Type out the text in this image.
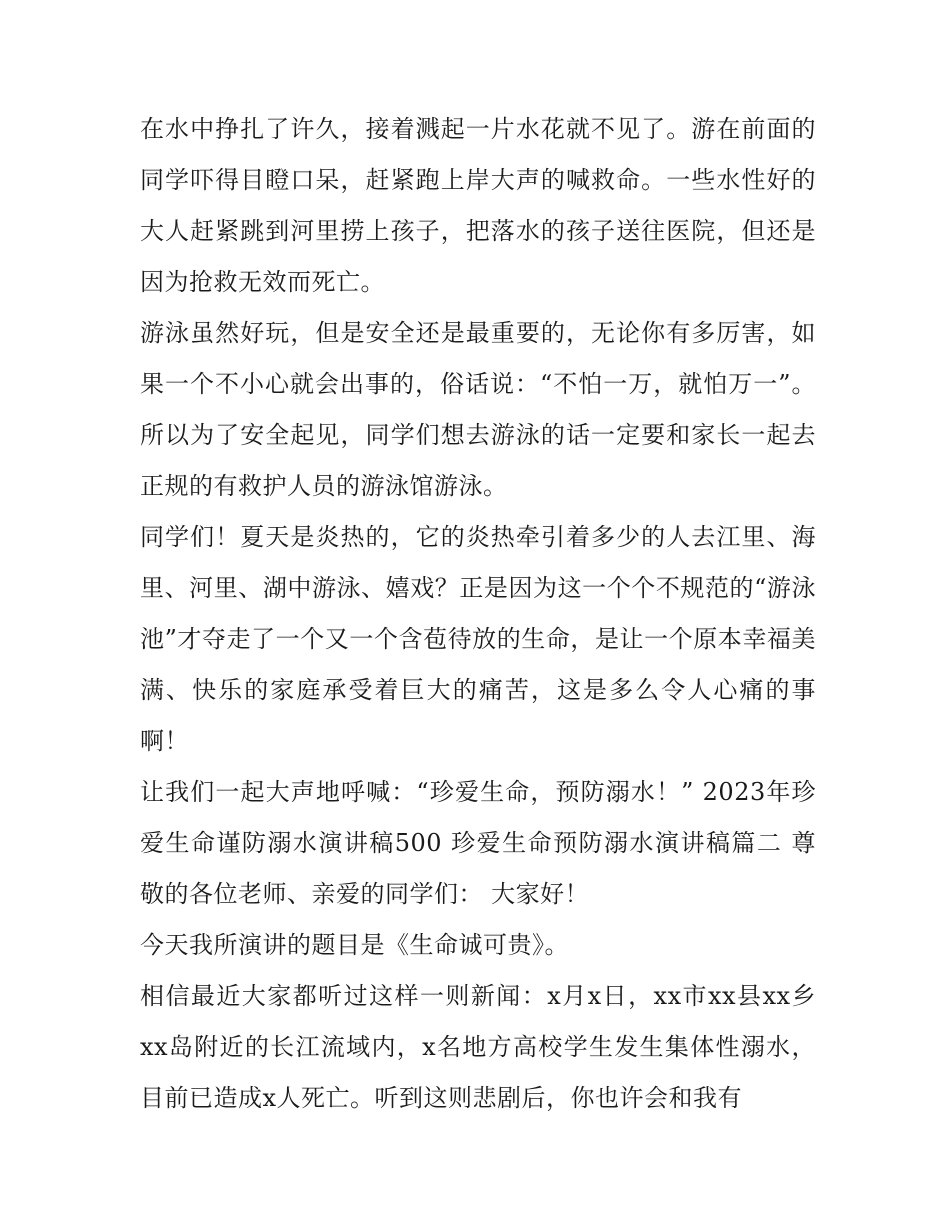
在水中挣扎了许久，接着溅起一片水花就不见了。游在前面的同学吓得目瞪口呆，赶紧跑上岸大声的喊救命。一些水性好的大人赶紧跳到河里捞上孩子，把落水的孩子送往医院，但还是因为抢救无效而死亡。

游泳虽然好玩，但是安全还是最重要的，无论你有多厉害，如果一个不小心就会出事的，俗话说：“不怕一万，就怕万一”。所以为了安全起见，同学们想去游泳的话一定要和家长一起去正规的有救护人员的游泳馆游泳。

同学们！夏天是炎热的，它的炎热牵引着多少的人去江里、海里、河里、湖中游泳、嬉戏？正是因为这一个个不规范的“游泳池”才夺走了一个又一个含苞待放的生命，是让一个原本幸福美满、快乐的家庭承受着巨大的痛苦，这是多么令人心痛的事啊！

让我们一起大声地呼喊：“珍爱生命，预防溺水！” 2023年珍爱生命谨防溺水演讲稿500 珍爱生命预防溺水演讲稿篇二 尊敬的各位老师、亲爱的同学们： 大家好！

今天我所演讲的题目是《生命诚可贵》。

相信最近大家都听过这样一则新闻：x月x日，xx市xx县xx乡xx岛附近的长江流域内，x名地方高校学生发生集体性溺水，目前已造成x人死亡。听到这则悲剧后，你也许会和我有
